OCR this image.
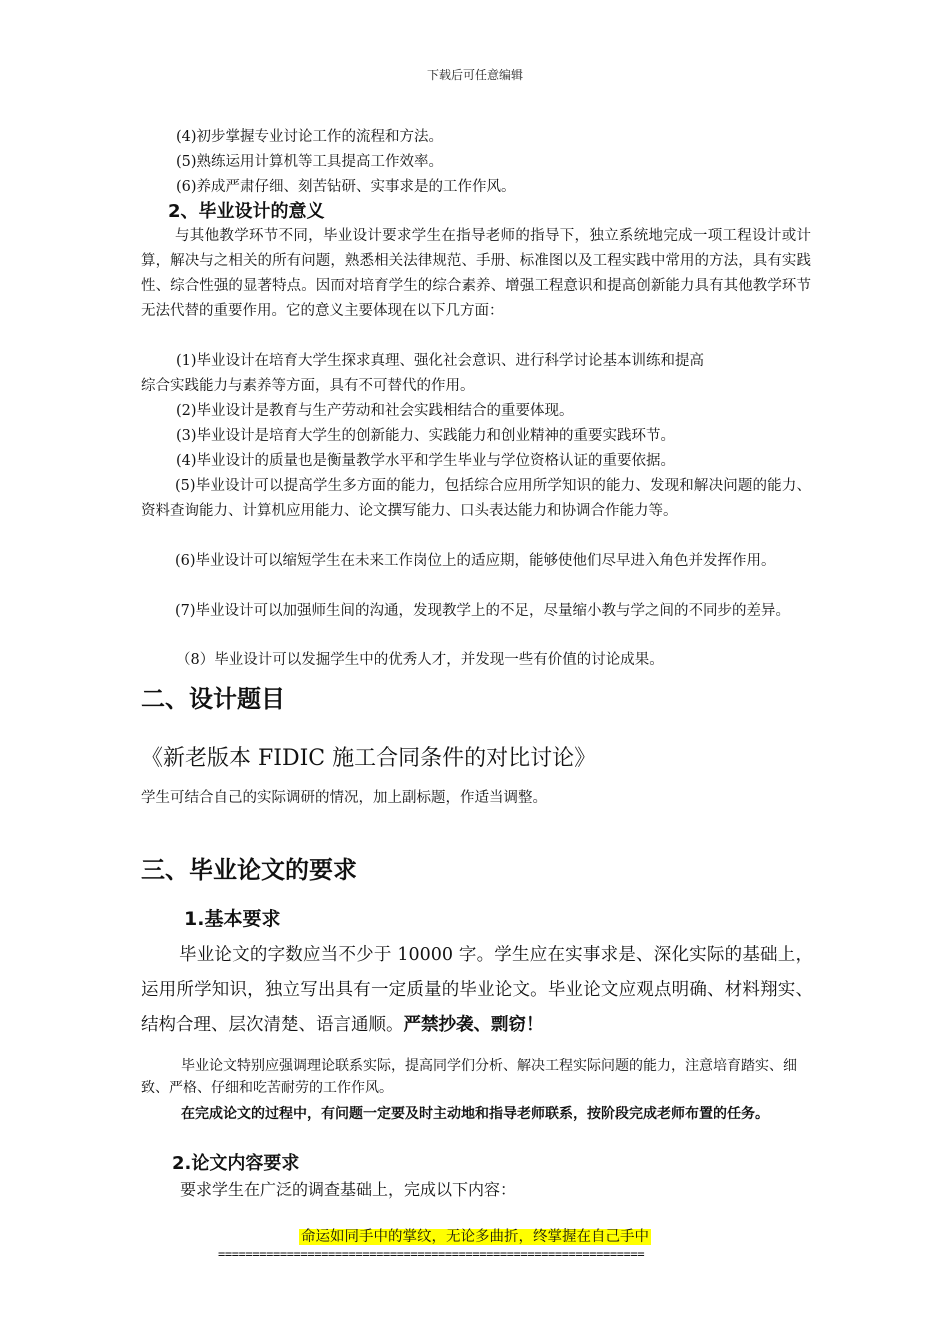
下载后可任意编辑
(4)初步掌握专业讨论工作的流程和方法。
(5)熟练运用计算机等工具提高工作效率。
(6)养成严肃仔细、刻苦钻研、实事求是的工作作风。
2、毕业设计的意义
与其他教学环节不同，毕业设计要求学生在指导老师的指导下，独立系统地完成一项工程设计或计算，解决与之相关的所有问题，熟悉相关法律规范、手册、标准图以及工程实践中常用的方法，具有实践性、综合性强的显著特点。因而对培育学生的综合素养、增强工程意识和提高创新能力具有其他教学环节无法代替的重要作用。它的意义主要体现在以下几方面：
(1)毕业设计在培育大学生探求真理、强化社会意识、进行科学讨论基本训练和提高
综合实践能力与素养等方面，具有不可替代的作用。
(2)毕业设计是教育与生产劳动和社会实践相结合的重要体现。
(3)毕业设计是培育大学生的创新能力、实践能力和创业精神的重要实践环节。
(4)毕业设计的质量也是衡量教学水平和学生毕业与学位资格认证的重要依据。
(5)毕业设计可以提高学生多方面的能力，包括综合应用所学知识的能力、发现和解决问题的能力、资料查询能力、计算机应用能力、论文撰写能力、口头表达能力和协调合作能力等。
(6)毕业设计可以缩短学生在未来工作岗位上的适应期，能够使他们尽早进入角色并发挥作用。
(7)毕业设计可以加强师生间的沟通，发现教学上的不足，尽量缩小教与学之间的不同步的差异。
（8）毕业设计可以发掘学生中的优秀人才，并发现一些有价值的讨论成果。
二、设计题目
《新老版本 FIDIC 施工合同条件的对比讨论》
学生可结合自己的实际调研的情况，加上副标题，作适当调整。
三、毕业论文的要求
1.基本要求
毕业论文的字数应当不少于 10000 字。学生应在实事求是、深化实际的基础上，运用所学知识，独立写出具有一定质量的毕业论文。毕业论文应观点明确、材料翔实、结构合理、层次清楚、语言通顺。严禁抄袭、剽窃！
毕业论文特别应强调理论联系实际，提高同学们分析、解决工程实际问题的能力，注意培育踏实、细致、严格、仔细和吃苦耐劳的工作作风。
在完成论文的过程中，有问题一定要及时主动地和指导老师联系，按阶段完成老师布置的任务。
2.论文内容要求
要求学生在广泛的调查基础上，完成以下内容：
命运如同手中的掌纹，无论多曲折，终掌握在自己手中
==============================================================
